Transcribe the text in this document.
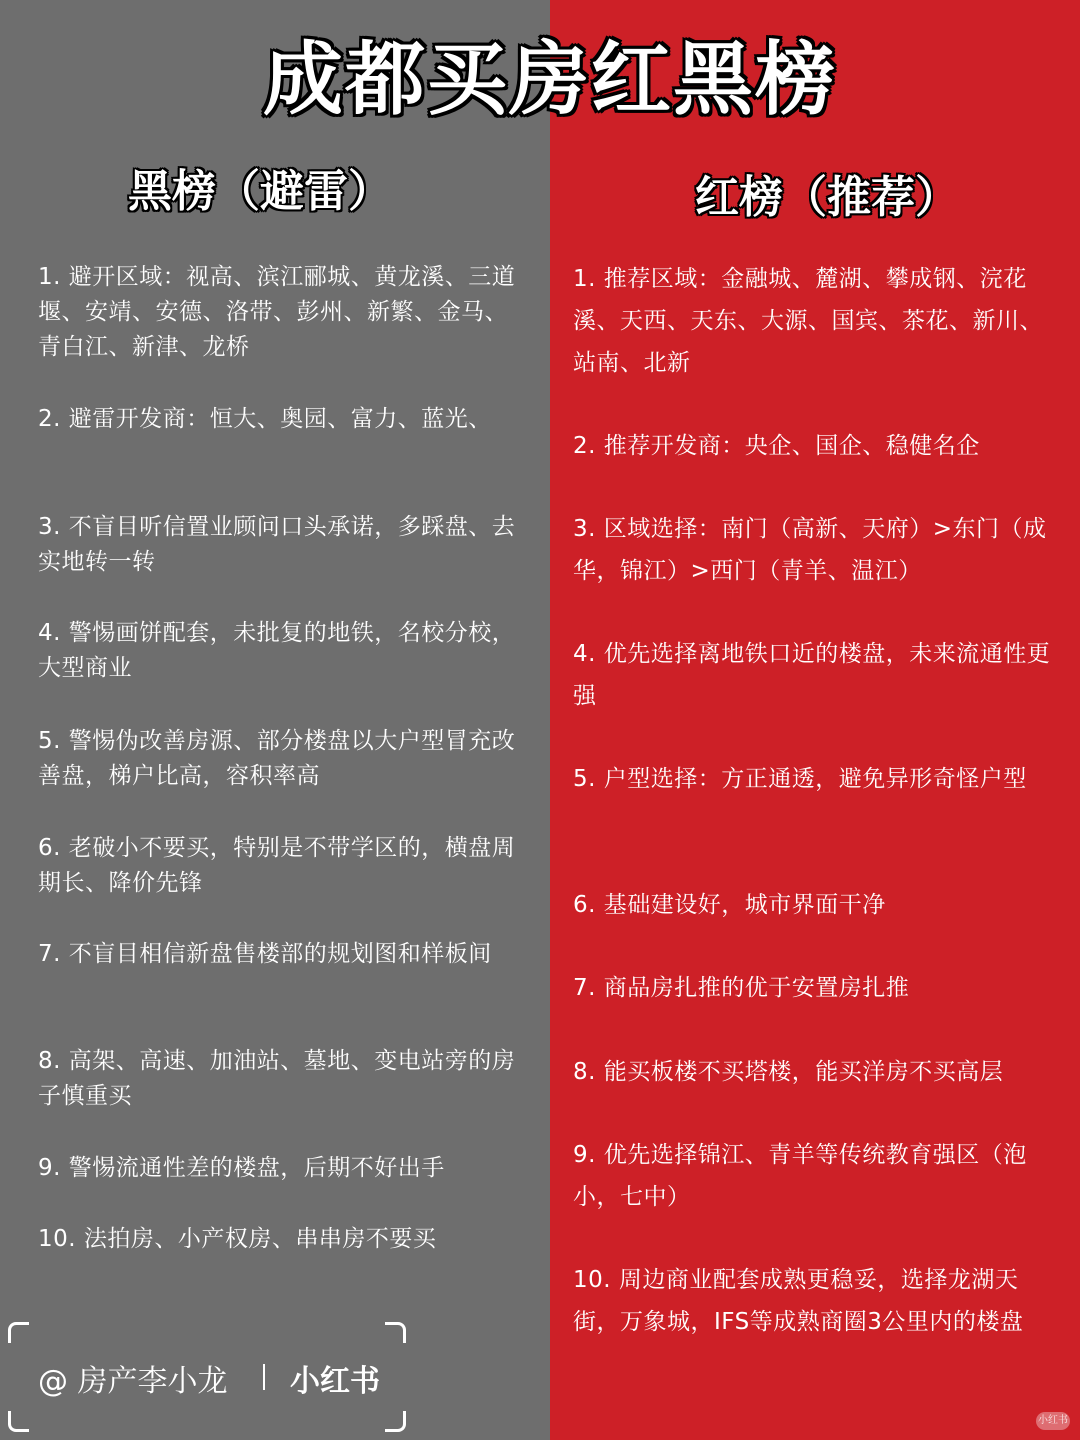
成都买房红黑榜
黑榜（避雷）	红榜（推荐）
1. 避开区域：视高、滨江郦城、黄龙溪、三道堰、安靖、安德、洛带、彭州、新繁、金马、青白江、新津、龙桥
2. 避雷开发商：恒大、奥园、富力、蓝光、
3. 不盲目听信置业顾问口头承诺，多踩盘、去实地转一转
4. 警惕画饼配套，未批复的地铁，名校分校，大型商业
5. 警惕伪改善房源、部分楼盘以大户型冒充改善盘，梯户比高，容积率高
6. 老破小不要买，特别是不带学区的，横盘周期长、降价先锋
7. 不盲目相信新盘售楼部的规划图和样板间
8. 高架、高速、加油站、墓地、变电站旁的房子慎重买
9. 警惕流通性差的楼盘，后期不好出手
10. 法拍房、小产权房、串串房不要买
1. 推荐区域：金融城、麓湖、攀成钢、浣花溪、天西、天东、大源、国宾、茶花、新川、站南、北新
2. 推荐开发商：央企、国企、稳健名企
3. 区域选择：南门（高新、天府）>东门（成华，锦江）>西门（青羊、温江）
4. 优先选择离地铁口近的楼盘，未来流通性更强
5. 户型选择：方正通透，避免异形奇怪户型
6. 基础建设好，城市界面干净
7. 商品房扎推的优于安置房扎推
8. 能买板楼不买塔楼，能买洋房不买高层
9. 优先选择锦江、青羊等传统教育强区（泡小，七中）
10. 周边商业配套成熟更稳妥，选择龙湖天街，万象城，IFS等成熟商圈3公里内的楼盘
@ 房产李小龙 小红书
小红书
